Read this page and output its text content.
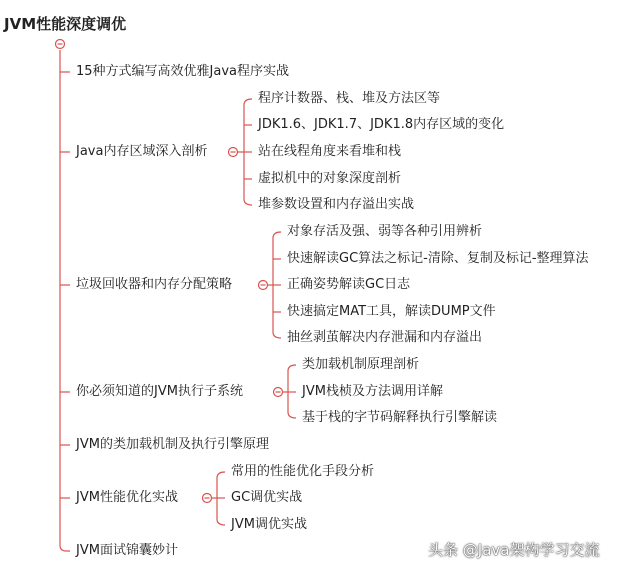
JVM性能深度调优
15种方式编写高效优雅Java程序实战
Java内存区域深入剖析
程序计数器、栈、堆及方法区等
JDK1.6、JDK1.7、JDK1.8内存区域的变化
站在线程角度来看堆和栈
虚拟机中的对象深度剖析
堆参数设置和内存溢出实战
垃圾回收器和内存分配策略
对象存活及强、弱等各种引用辨析
快速解读GC算法之标记-清除、复制及标记-整理算法
正确姿势解读GC日志
快速搞定MAT工具，解读DUMP文件
抽丝剥茧解决内存泄漏和内存溢出
你必须知道的JVM执行子系统
类加载机制原理剖析
JVM栈桢及方法调用详解
基于栈的字节码解释执行引擎解读
JVM的类加载机制及执行引擎原理
JVM性能优化实战
常用的性能优化手段分析
GC调优实战
JVM调优实战
JVM面试锦囊妙计	头条 @Java架构学习交流
